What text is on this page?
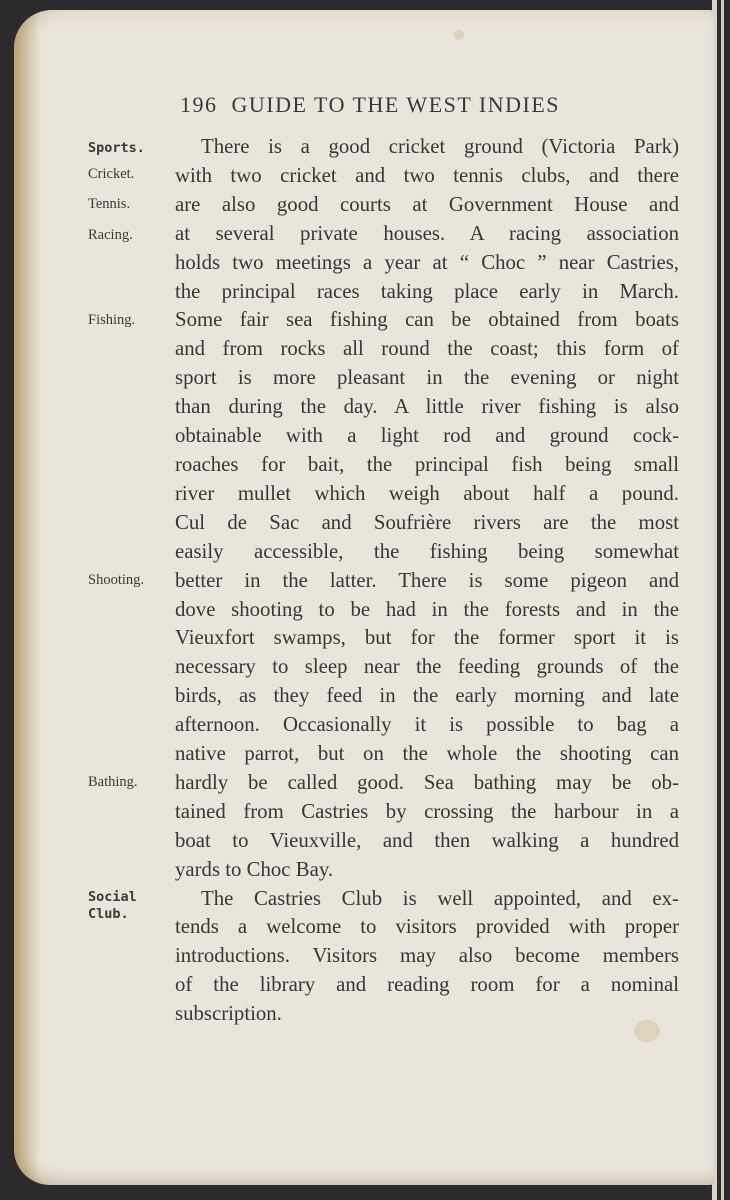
196 GUIDE TO THE WEST INDIES
Sports.
Cricket.
Tennis.
Racing.
Fishing.
Shooting.
Bathing.
Social
Club.

There is a good cricket ground (Victoria Park)

with two cricket and two tennis clubs, and there

are also good courts at Government House and

at several private houses. A racing association

holds two meetings a year at “ Choc ” near Castries,

the principal races taking place early in March.

Some fair sea fishing can be obtained from boats

and from rocks all round the coast; this form of

sport is more pleasant in the evening or night

than during the day. A little river fishing is also

obtainable with a light rod and ground cock-

roaches for bait, the principal fish being small

river mullet which weigh about half a pound.

Cul de Sac and Soufrière rivers are the most

easily accessible, the fishing being somewhat

better in the latter. There is some pigeon and

dove shooting to be had in the forests and in the

Vieuxfort swamps, but for the former sport it is

necessary to sleep near the feeding grounds of the

birds, as they feed in the early morning and late

afternoon. Occasionally it is possible to bag a

native parrot, but on the whole the shooting can

hardly be called good. Sea bathing may be ob-

tained from Castries by crossing the harbour in a

boat to Vieuxville, and then walking a hundred

yards to Choc Bay.

The Castries Club is well appointed, and ex-

tends a welcome to visitors provided with proper

introductions. Visitors may also become members

of the library and reading room for a nominal

subscription.
